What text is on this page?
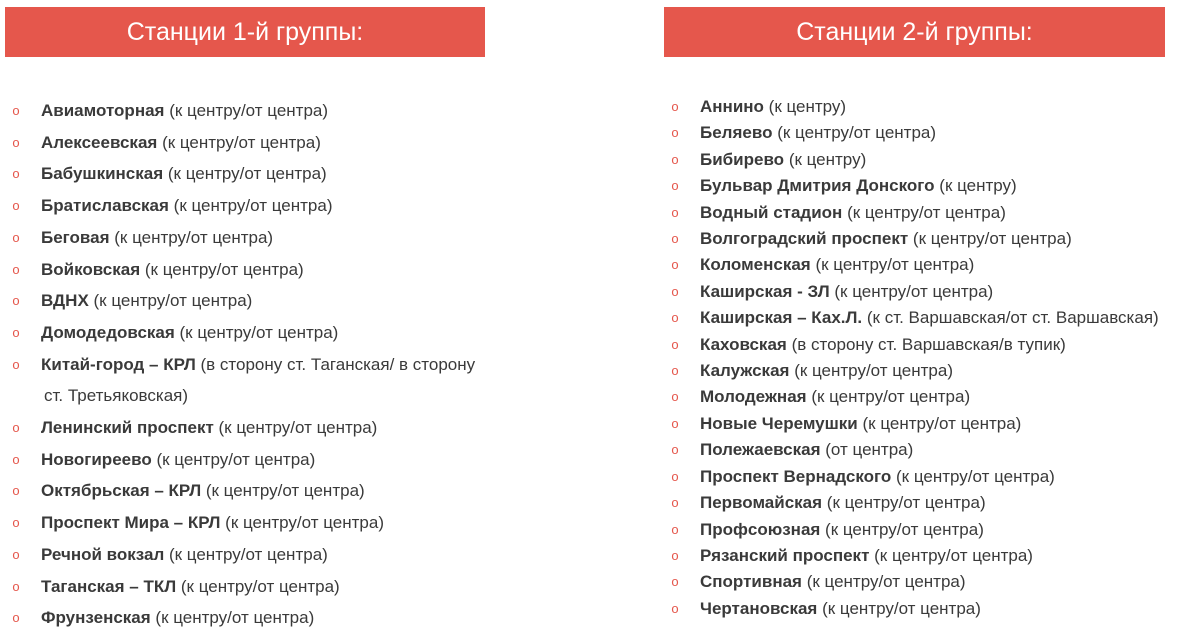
Станции 1-й группы:	Станции 2-й группы:
o Авиамоторная (к центру/от центра)
o Алексеевская (к центру/от центра)
o Бабушкинская (к центру/от центра)
o Братиславская (к центру/от центра)
o Беговая (к центру/от центра)
o Войковская (к центру/от центра)
o ВДНХ (к центру/от центра)
o Домодедовская (к центру/от центра)
o Китай-город – КРЛ (в сторону ст. Таганская/ в сторону
ст. Третьяковская)
o Ленинский проспект (к центру/от центра)
o Новогиреево (к центру/от центра)
o Октябрьская – КРЛ (к центру/от центра)
o Проспект Мира – КРЛ (к центру/от центра)
o Речной вокзал (к центру/от центра)
o Таганская – ТКЛ (к центру/от центра)
o Фрунзенская (к центру/от центра)
o Аннино (к центру)
o Беляево (к центру/от центра)
o Бибирево (к центру)
o Бульвар Дмитрия Донского (к центру)
o Водный стадион (к центру/от центра)
o Волгоградский проспект (к центру/от центра)
o Коломенская (к центру/от центра)
o Каширская - ЗЛ (к центру/от центра)
o Каширская – Ках.Л. (к ст. Варшавская/от ст. Варшавская)
o Каховская (в сторону ст. Варшавская/в тупик)
o Калужская (к центру/от центра)
o Молодежная (к центру/от центра)
o Новые Черемушки (к центру/от центра)
o Полежаевская (от центра)
o Проспект Вернадского (к центру/от центра)
o Первомайская (к центру/от центра)
o Профсоюзная (к центру/от центра)
o Рязанский проспект (к центру/от центра)
o Спортивная (к центру/от центра)
o Чертановская (к центру/от центра)
